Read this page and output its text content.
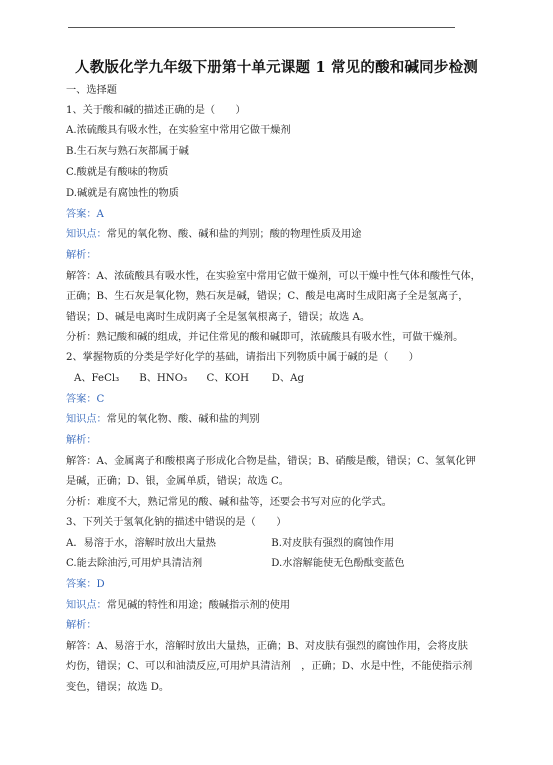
人教版化学九年级下册第十单元课题 1 常见的酸和碱同步检测
一、选择题
1、关于酸和碱的描述正确的是（　　）
A.浓硫酸具有吸水性，在实验室中常用它做干燥剂
B.生石灰与熟石灰都属于碱
C.酸就是有酸味的物质
D.碱就是有腐蚀性的物质
答案：A
知识点：常见的氧化物、酸、碱和盐的判别；酸的物理性质及用途
解析：
解答：A、浓硫酸具有吸水性，在实验室中常用它做干燥剂，可以干燥中性气体和酸性气体，
正确；B、生石灰是氧化物，熟石灰是碱，错误；C、酸是电离时生成阳离子全是氢离子，
错误；D、碱是电离时生成阴离子全是氢氧根离子，错误；故选 A。
分析：熟记酸和碱的组成，并记住常见的酸和碱即可，浓硫酸具有吸水性，可做干燥剂。
2、掌握物质的分类是学好化学的基础，请指出下列物质中属于碱的是（　　）
A、FeCl₃ B、HNO₃ C、KOH D、Ag
答案：C
知识点：常见的氧化物、酸、碱和盐的判别
解析：
解答：A、金属离子和酸根离子形成化合物是盐，错误；B、硝酸是酸，错误；C、氢氧化钾
是碱，正确；D、银，金属单质，错误；故选 C。
分析：难度不大，熟记常见的酸、碱和盐等，还要会书写对应的化学式。
3、下列关于氢氧化钠的描述中错误的是（　　）
A．易溶于水，溶解时放出大量热	B.对皮肤有强烈的腐蚀作用
C.能去除油污,可用炉具清洁剂	D.水溶解能使无色酚酞变蓝色
答案：D
知识点：常见碱的特性和用途；酸碱指示剂的使用
解析：
解答：A、易溶于水，溶解时放出大量热，正确；B、对皮肤有强烈的腐蚀作用，会将皮肤
灼伤，错误；C、可以和油渍反应,可用炉具清洁剂　，正确；D、水是中性，不能使指示剂
变色，错误；故选 D。
